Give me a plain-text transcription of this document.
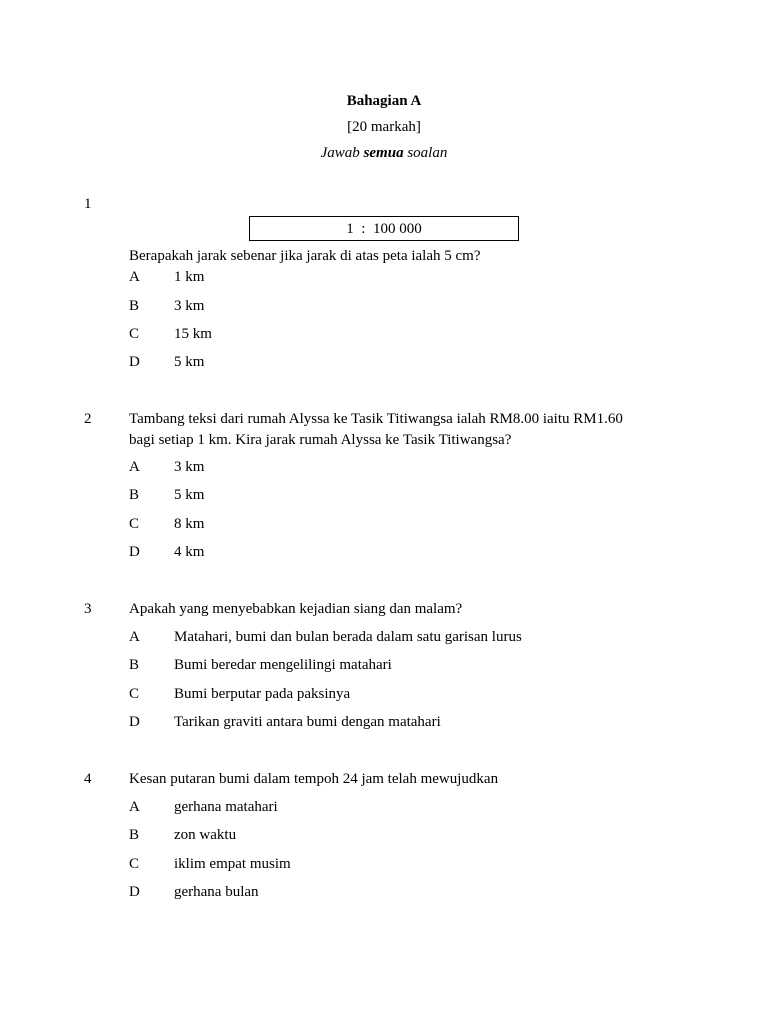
Bahagian A
[20 markah]
Jawab semua soalan
1
1  :  100 000
Berapakah jarak sebenar jika jarak di atas peta ialah 5 cm?
A 1 km
B 3 km
C 15 km
D 5 km
2	Tambang teksi dari rumah Alyssa ke Tasik Titiwangsa ialah RM8.00 iaitu RM1.60
bagi setiap 1 km. Kira jarak rumah Alyssa ke Tasik Titiwangsa?
A 3 km
B 5 km
C 8 km
D 4 km
3	Apakah yang menyebabkan kejadian siang dan malam?
A Matahari, bumi dan bulan berada dalam satu garisan lurus
B Bumi beredar mengelilingi matahari
C Bumi berputar pada paksinya
D Tarikan graviti antara bumi dengan matahari
4	Kesan putaran bumi dalam tempoh 24 jam telah mewujudkan
A gerhana matahari
B zon waktu
C iklim empat musim
D gerhana bulan
